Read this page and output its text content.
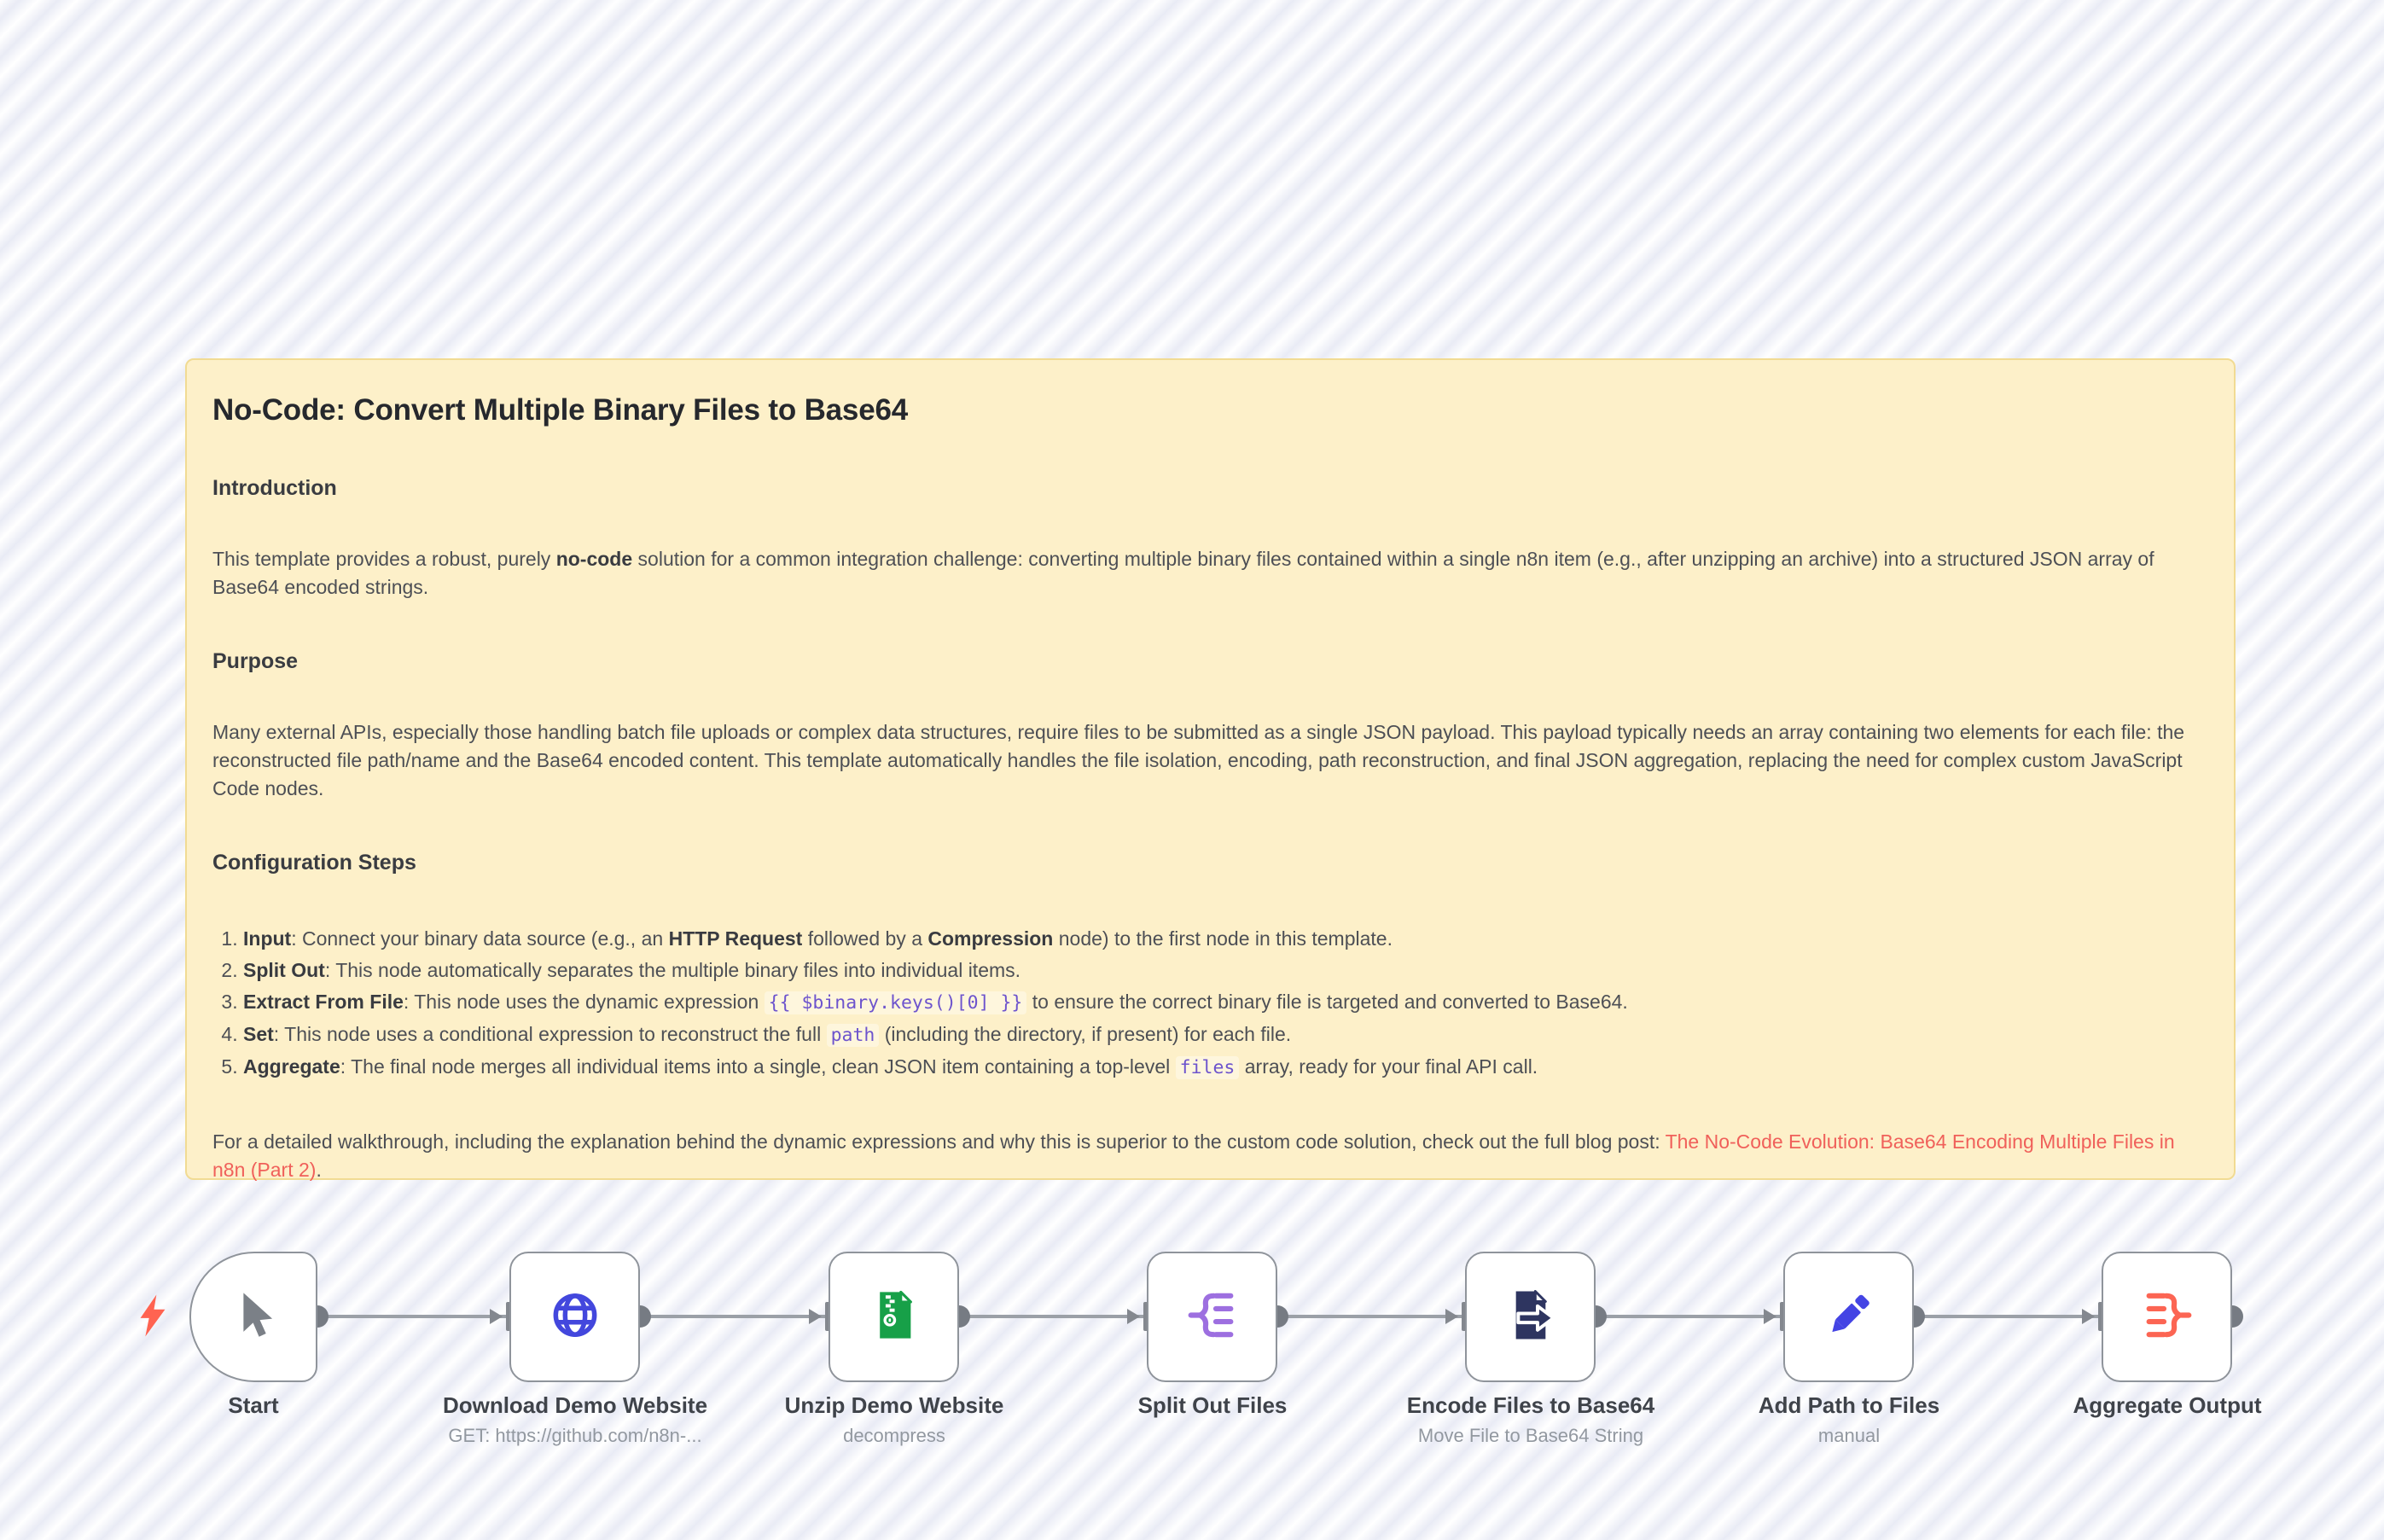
No-Code: Convert Multiple Binary Files to Base64
Introduction

This template provides a robust, purely no-code solution for a common integration challenge: converting multiple binary files contained within a single n8n item (e.g., after unzipping an archive) into a structured JSON array of Base64 encoded strings.

Purpose

Many external APIs, especially those handling batch file uploads or complex data structures, require files to be submitted as a single JSON payload. This payload typically needs an array containing two elements for each file: the reconstructed file path/name and the Base64 encoded content. This template automatically handles the file isolation, encoding, path reconstruction, and final JSON aggregation, replacing the need for complex custom JavaScript Code nodes.

Configuration Steps
1. Input: Connect your binary data source (e.g., an HTTP Request followed by a Compression node) to the first node in this template.
2. Split Out: This node automatically separates the multiple binary files into individual items.
3. Extract From File: This node uses the dynamic expression {{ $binary.keys()[0] }} to ensure the correct binary file is targeted and converted to Base64.
4. Set: This node uses a conditional expression to reconstruct the full path (including the directory, if present) for each file.
5. Aggregate: The final node merges all individual items into a single, clean JSON item containing a top-level files array, ready for your final API call.

For a detailed walkthrough, including the explanation behind the dynamic expressions and why this is superior to the custom code solution, check out the full blog post: The No-Code Evolution: Base64 Encoding Multiple Files in n8n (Part 2).

Start	Download Demo Website
GET: https://github.com/n8n-...
Unzip Demo Website
decompress
Split Out Files	Encode Files to Base64
Move File to Base64 String
Add Path to Files
manual
Aggregate Output
